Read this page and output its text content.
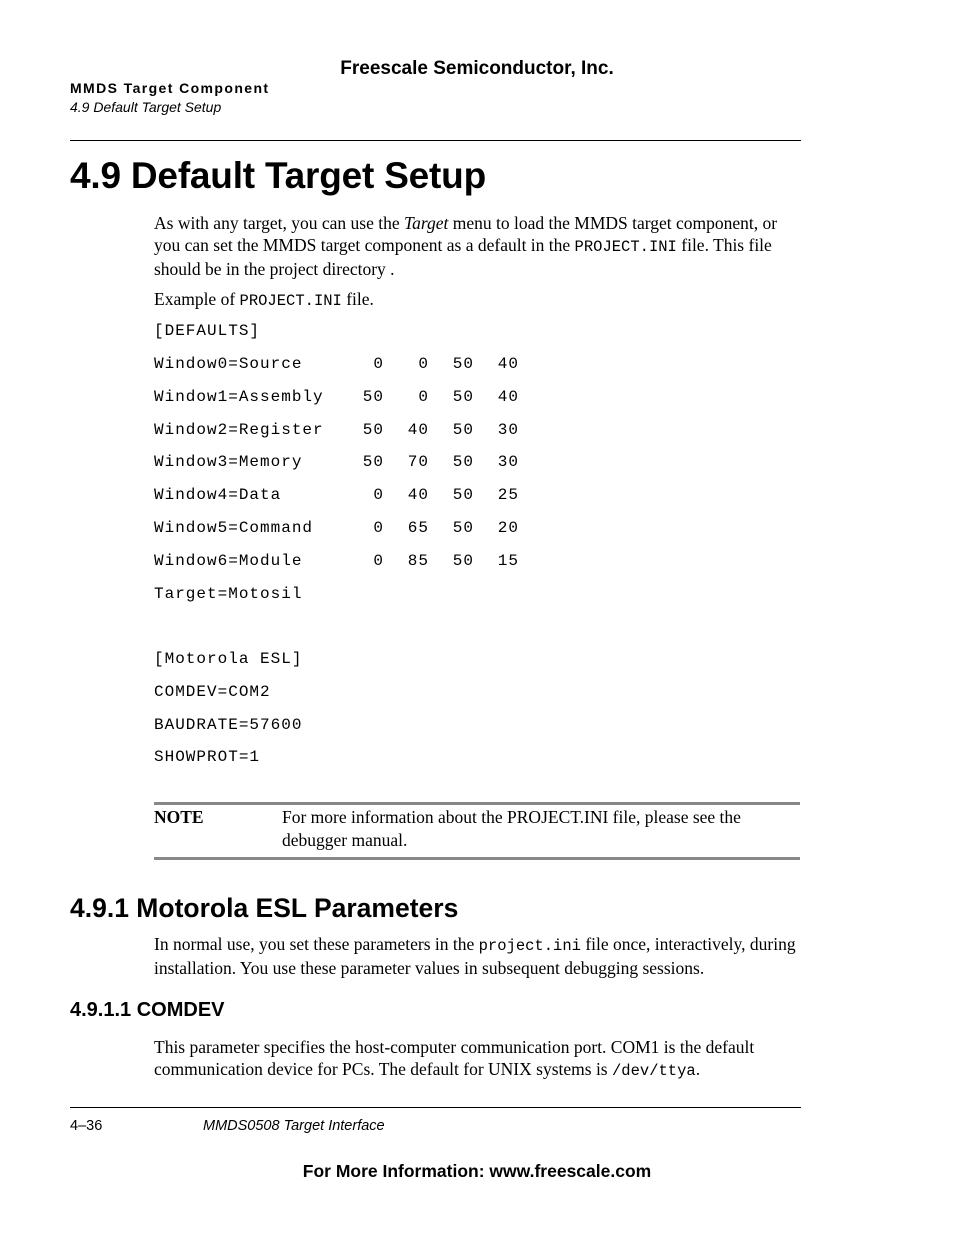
Freescale Semiconductor, Inc.
MMDS Target Component
4.9 Default Target Setup
4.9 Default Target Setup
As with any target, you can use the Target menu to load the MMDS target component, or you can set the MMDS target component as a default in the PROJECT.INI file. This file should be in the project directory .
Example of PROJECT.INI file.
[DEFAULTS]
Window0=Source	0 0 50 40
Window1=Assembly 50 0 50 40
Window2=Register 50 40 50 30
Window3=Memory	50 70 50 30
Window4=Data	0 40 50 25
Window5=Command	0 65 50 20
Window6=Module	0 85 50 15
Target=Motosil
[Motorola ESL]
COMDEV=COM2
BAUDRATE=57600
SHOWPROT=1
NOTE	For more information about the PROJECT.INI file, please see the debugger manual.
4.9.1 Motorola ESL Parameters
In normal use, you set these parameters in the project.ini file once, interactively, during installation. You use these parameter values in subsequent debugging sessions.
4.9.1.1 COMDEV
This parameter specifies the host-computer communication port. COM1 is the default communication device for PCs. The default for UNIX systems is /dev/ttya.
4–36	MMDS0508 Target Interface
For More Information: www.freescale.com
